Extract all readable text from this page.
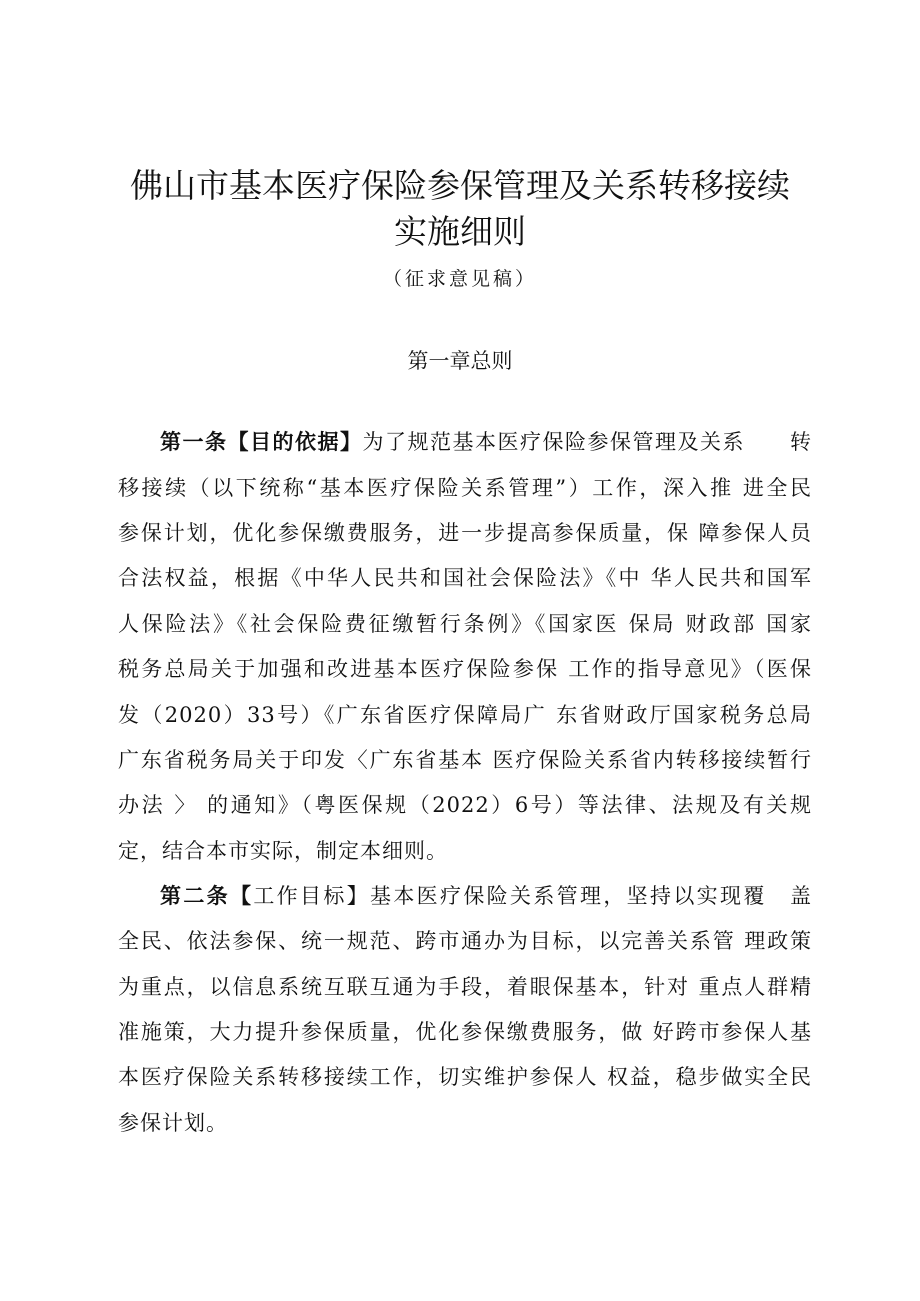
佛山市基本医疗保险参保管理及关系转移接续
实施细则
（征求意见稿）
第一章总则
第一条【目的依据】为了规范基本医疗保险参保管理及关系　　转
移接续（以下统称“基本医疗保险关系管理”）工作，深入推 进全民
参保计划，优化参保缴费服务，进一步提高参保质量，保 障参保人员
合法权益，根据《中华人民共和国社会保险法》《中 华人民共和国军
人保险法》《社会保险费征缴暂行条例》《国家医 保局 财政部 国家
税务总局关于加强和改进基本医疗保险参保 工作的指导意见》（医保
发（2020）33号）《广东省医疗保障局广 东省财政厅国家税务总局
广东省税务局关于印发〈广东省基本 医疗保险关系省内转移接续暂行
办法 〉 的通知》（粤医保规（2022）6号）等法律、法规及有关规
定，结合本市实际，制定本细则。
第二条【工作目标】基本医疗保险关系管理，坚持以实现覆　盖
全民、依法参保、统一规范、跨市通办为目标，以完善关系管 理政策
为重点，以信息系统互联互通为手段，着眼保基本，针对 重点人群精
准施策，大力提升参保质量，优化参保缴费服务，做 好跨市参保人基
本医疗保险关系转移接续工作，切实维护参保人 权益，稳步做实全民
参保计划。
